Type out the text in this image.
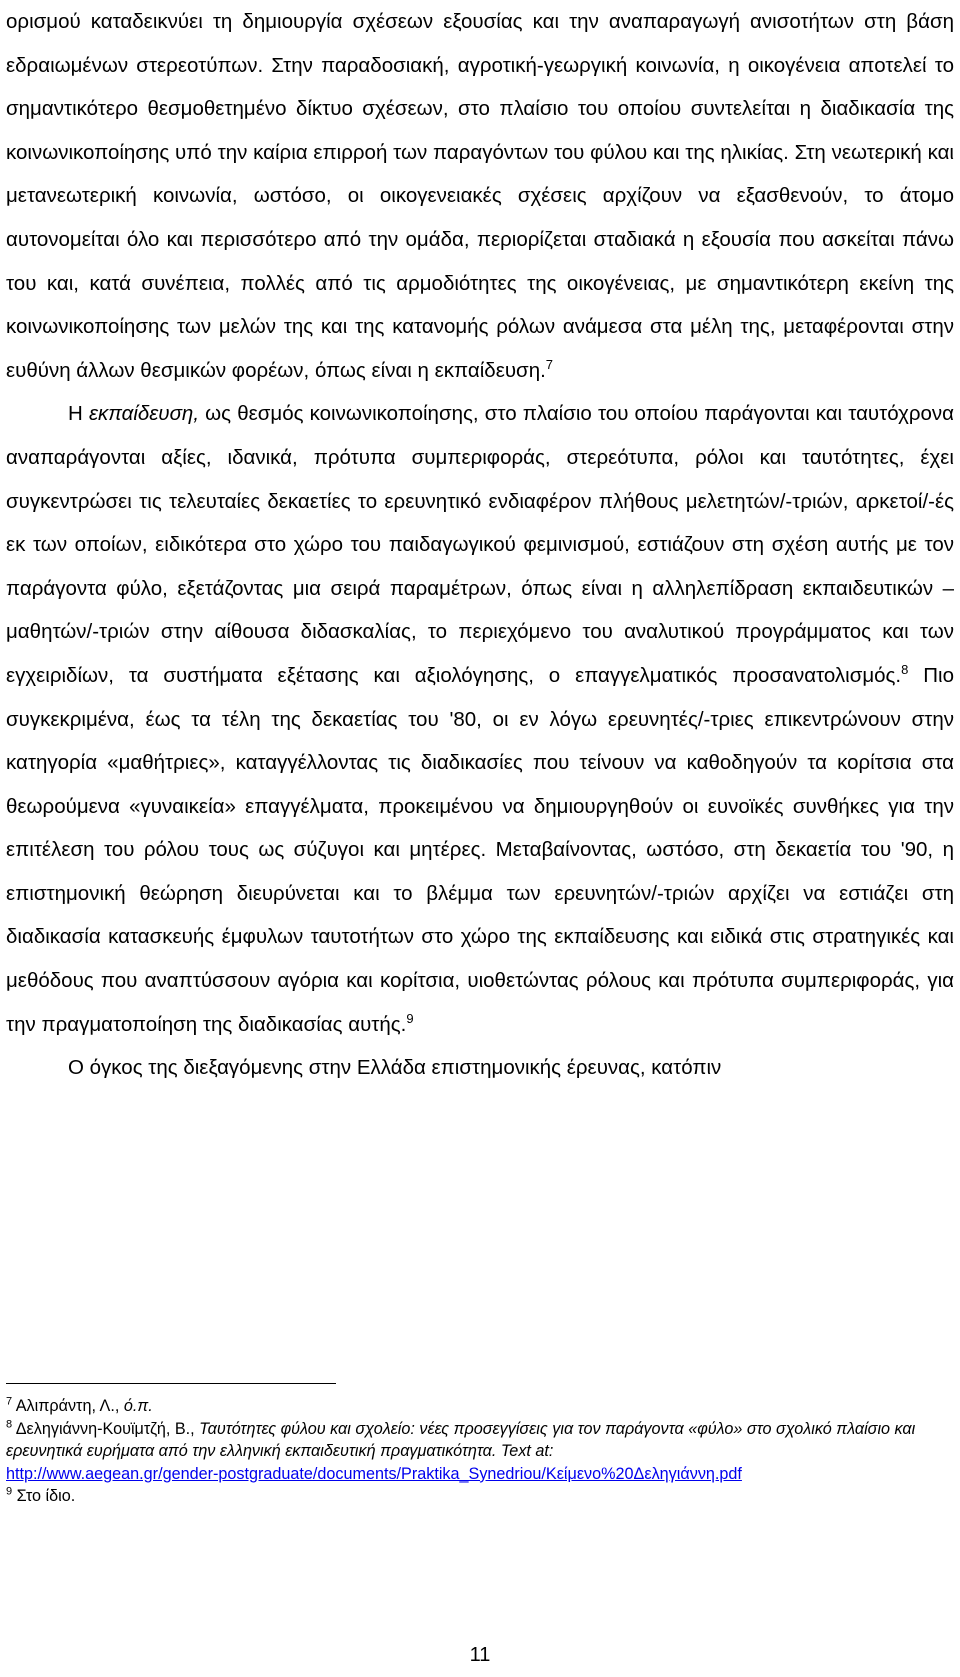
ορισμού καταδεικνύει τη δημιουργία σχέσεων εξουσίας και την αναπαραγωγή ανισοτήτων στη βάση εδραιωμένων στερεοτύπων. Στην παραδοσιακή, αγροτική-γεωργική κοινωνία, η οικογένεια αποτελεί το σημαντικότερο θεσμοθετημένο δίκτυο σχέσεων, στο πλαίσιο του οποίου συντελείται η διαδικασία της κοινωνικοποίησης υπό την καίρια επιρροή των παραγόντων του φύλου και της ηλικίας. Στη νεωτερική και μετανεωτερική κοινωνία, ωστόσο, οι οικογενειακές σχέσεις αρχίζουν να εξασθενούν, το άτομο αυτονομείται όλο και περισσότερο από την ομάδα, περιορίζεται σταδιακά η εξουσία που ασκείται πάνω του και, κατά συνέπεια, πολλές από τις αρμοδιότητες της οικογένειας, με σημαντικότερη εκείνη της κοινωνικοποίησης των μελών της και της κατανομής ρόλων ανάμεσα στα μέλη της, μεταφέρονται στην ευθύνη άλλων θεσμικών φορέων, όπως είναι η εκπαίδευση.$^7$

Η εκπαίδευση, ως θεσμός κοινωνικοποίησης, στο πλαίσιο του οποίου παράγονται και ταυτόχρονα αναπαράγονται αξίες, ιδανικά, πρότυπα συμπεριφοράς, στερεότυπα, ρόλοι και ταυτότητες, έχει συγκεντρώσει τις τελευταίες δεκαετίες το ερευνητικό ενδιαφέρον πλήθους μελετητών/-τριών, αρκετοί/-ές εκ των οποίων, ειδικότερα στο χώρο του παιδαγωγικού φεμινισμού, εστιάζουν στη σχέση αυτής με τον παράγοντα φύλο, εξετάζοντας μια σειρά παραμέτρων, όπως είναι η αλληλεπίδραση εκπαιδευτικών – μαθητών/-τριών στην αίθουσα διδασκαλίας, το περιεχόμενο του αναλυτικού προγράμματος και των εγχειριδίων, τα συστήματα εξέτασης και αξιολόγησης, ο επαγγελματικός προσανατολισμός.$^8$ Πιο συγκεκριμένα, έως τα τέλη της δεκαετίας του '80, οι εν λόγω ερευνητές/-τριες επικεντρώνουν στην κατηγορία «μαθήτριες», καταγγέλλοντας τις διαδικασίες που τείνουν να καθοδηγούν τα κορίτσια στα θεωρούμενα «γυναικεία» επαγγέλματα, προκειμένου να δημιουργηθούν οι ευνοϊκές συνθήκες για την επιτέλεση του ρόλου τους ως σύζυγοι και μητέρες. Μεταβαίνοντας, ωστόσο, στη δεκαετία του '90, η επιστημονική θεώρηση διευρύνεται και το βλέμμα των ερευνητών/-τριών αρχίζει να εστιάζει στη διαδικασία κατασκευής έμφυλων ταυτοτήτων στο χώρο της εκπαίδευσης και ειδικά στις στρατηγικές και μεθόδους που αναπτύσσουν αγόρια και κορίτσια, υιοθετώντας ρόλους και πρότυπα συμπεριφοράς, για την πραγματοποίηση της διαδικασίας αυτής.$^9$

Ο όγκος της διεξαγόμενης στην Ελλάδα επιστημονικής έρευνας, κατόπιν

$^7$ Αλιπράντη, Λ., ό.π.
$^8$ Δεληγιάννη-Κουϊμτζή, Β., Ταυτότητες φύλου και σχολείο: νέες προσεγγίσεις για τον παράγοντα «φύλο» στο σχολικό πλαίσιο και ερευνητικά ευρήματα από την ελληνική εκπαιδευτική πραγματικότητα. Text at:
http://www.aegean.gr/gender-postgraduate/documents/Praktika_Synedriou/Κείμενο%20Δεληγιάννη.pdf
$^9$ Στο ίδιο.
11
